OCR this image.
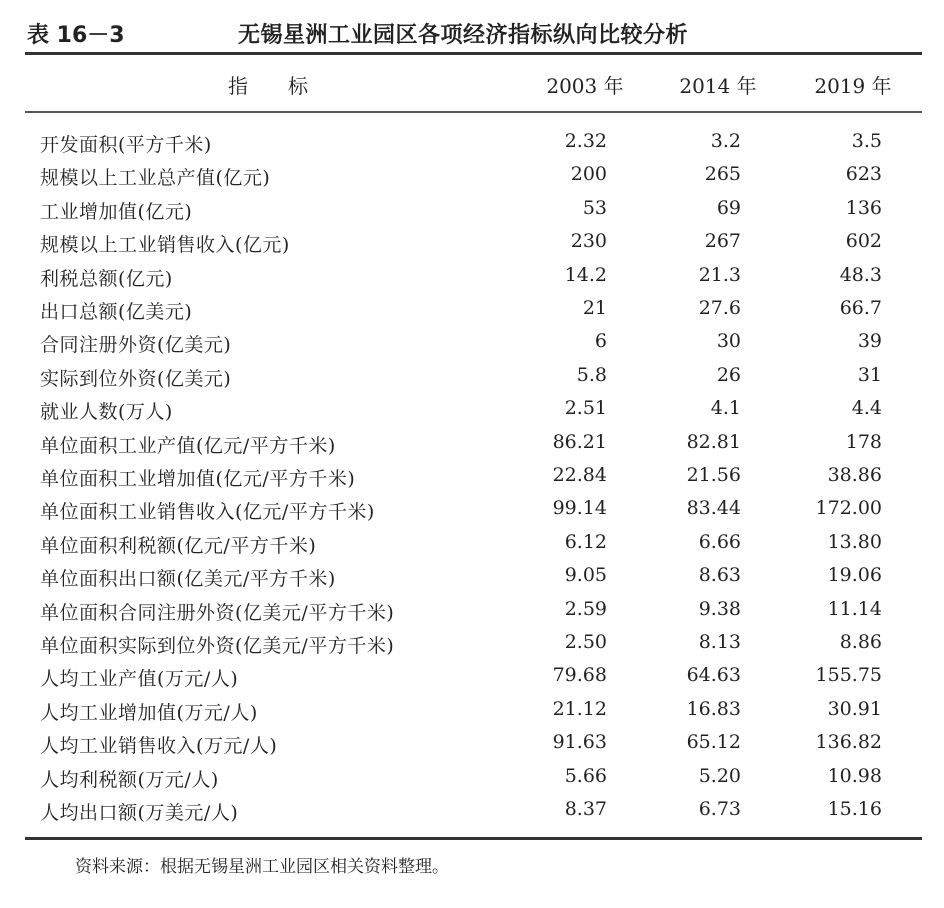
表 16－3	无锡星洲工业园区各项经济指标纵向比较分析
指标	2003 年	2014 年	2019 年
开发面积(平方千米)	2.32	3.2	3.5
规模以上工业总产值(亿元)	200	265	623
工业增加值(亿元)	53	69	136
规模以上工业销售收入(亿元)	230	267	602
利税总额(亿元)	14.2	21.3	48.3
出口总额(亿美元)	21	27.6	66.7
合同注册外资(亿美元)	6	30	39
实际到位外资(亿美元)	5.8	26	31
就业人数(万人)	2.51	4.1	4.4
单位面积工业产值(亿元/平方千米)	86.21	82.81	178
单位面积工业增加值(亿元/平方千米)	22.84	21.56	38.86
单位面积工业销售收入(亿元/平方千米)	99.14	83.44	172.00
单位面积利税额(亿元/平方千米)	6.12	6.66	13.80
单位面积出口额(亿美元/平方千米)	9.05	8.63	19.06
单位面积合同注册外资(亿美元/平方千米)	2.59	9.38	11.14
单位面积实际到位外资(亿美元/平方千米)	2.50	8.13	8.86
人均工业产值(万元/人)	79.68	64.63	155.75
人均工业增加值(万元/人)	21.12	16.83	30.91
人均工业销售收入(万元/人)	91.63	65.12	136.82
人均利税额(万元/人)	5.66	5.20	10.98
人均出口额(万美元/人)	8.37	6.73	15.16
资料来源：根据无锡星洲工业园区相关资料整理。
